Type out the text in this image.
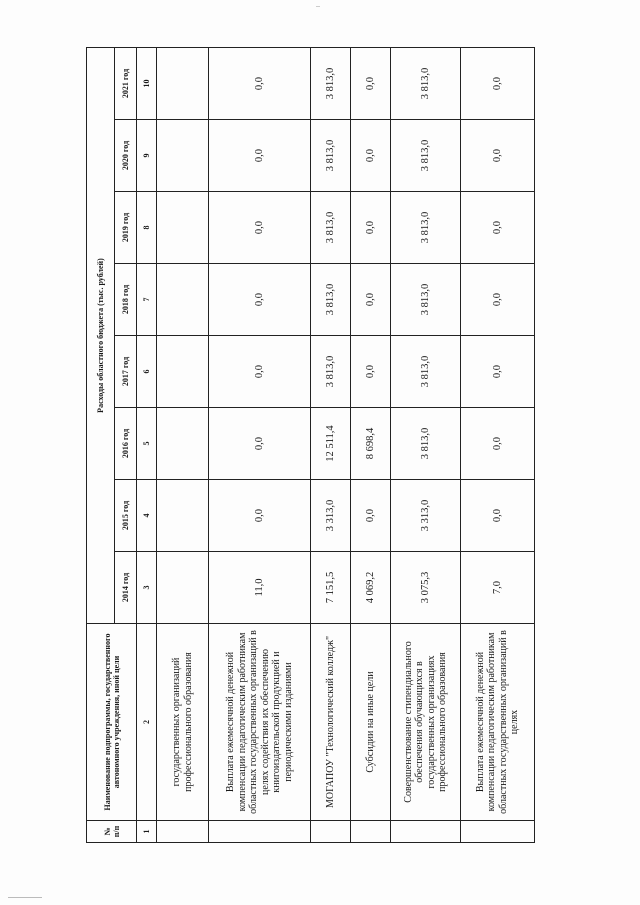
№ п/п	Наименование подпрограммы, государственного автономного учреждения, иной цели	Расходы областного бюджета (тыс. рублей)							
		2014 год	2015 год	2016 год	2017 год	2018 год	2019 год	2020 год	2021 год
1	2	3	4	5	6	7	8	9	10
	государственных организаций профессионального образования								
	Выплата ежемесячной денежной компенсации педагогическим работникам областных государственных организаций в целях содействия их обеспечению книгоиздательской продукцией и периодическими изданиями	11,0	0,0	0,0	0,0	0,0	0,0	0,0	0,0
	МОГАПОУ "Технологический колледж"	7 151,5	3 313,0	12 511,4	3 813,0	3 813,0	3 813,0	3 813,0	3 813,0
	Субсидии на иные цели	4 069,2	0,0	8 698,4	0,0	0,0	0,0	0,0	0,0
	Совершенствование стипендиального обеспечения обучающихся в государственных организациях профессионального образования	3 075,3	3 313,0	3 813,0	3 813,0	3 813,0	3 813,0	3 813,0	3 813,0
	Выплата ежемесячной денежной компенсации педагогическим работникам областных государственных организаций в целях	7,0	0,0	0,0	0,0	0,0	0,0	0,0	0,0
